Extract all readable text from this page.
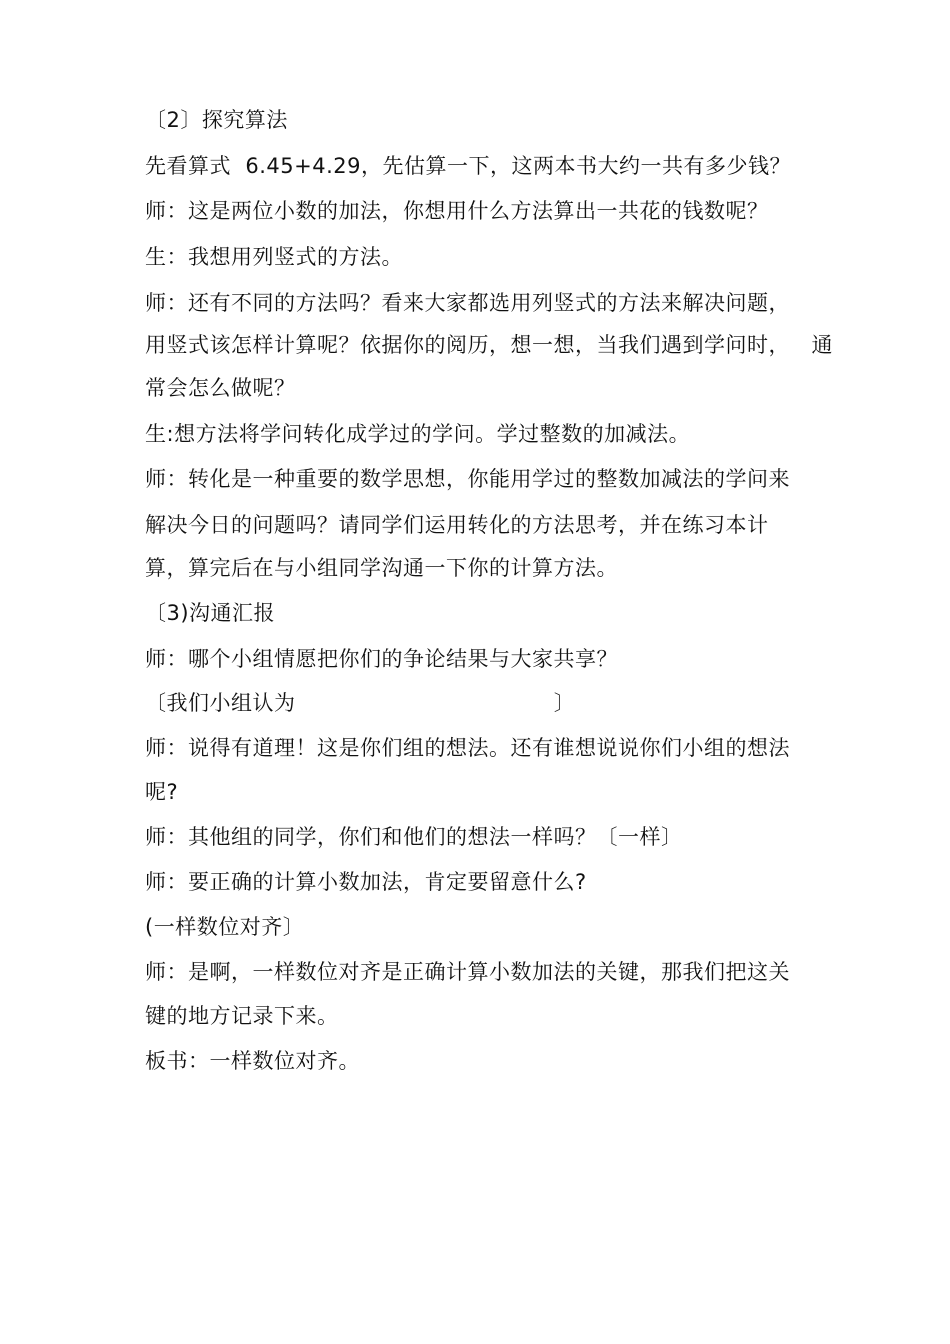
〔2〕探究算法
先看算式  6.45+4.29，先估算一下，这两本书大约一共有多少钱？
师：这是两位小数的加法，你想用什么方法算出一共花的钱数呢？
生：我想用列竖式的方法。
师：还有不同的方法吗？看来大家都选用列竖式的方法来解决问题，
用竖式该怎样计算呢？依据你的阅历，想一想，当我们遇到学问时，   通
常会怎么做呢？
生:想方法将学问转化成学过的学问。学过整数的加减法。
师：转化是一种重要的数学思想，你能用学过的整数加减法的学问来
解决今日的问题吗？请同学们运用转化的方法思考，并在练习本计
算，算完后在与小组同学沟通一下你的计算方法。
〔3)沟通汇报
师：哪个小组情愿把你们的争论结果与大家共享？
〔我们小组认为                                    〕
师：说得有道理！这是你们组的想法。还有谁想说说你们小组的想法
呢?
师：其他组的同学，你们和他们的想法一样吗？〔一样〕
师：要正确的计算小数加法，肯定要留意什么?
(一样数位对齐〕
师：是啊，一样数位对齐是正确计算小数加法的关键，那我们把这关
键的地方记录下来。
板书：一样数位对齐。
